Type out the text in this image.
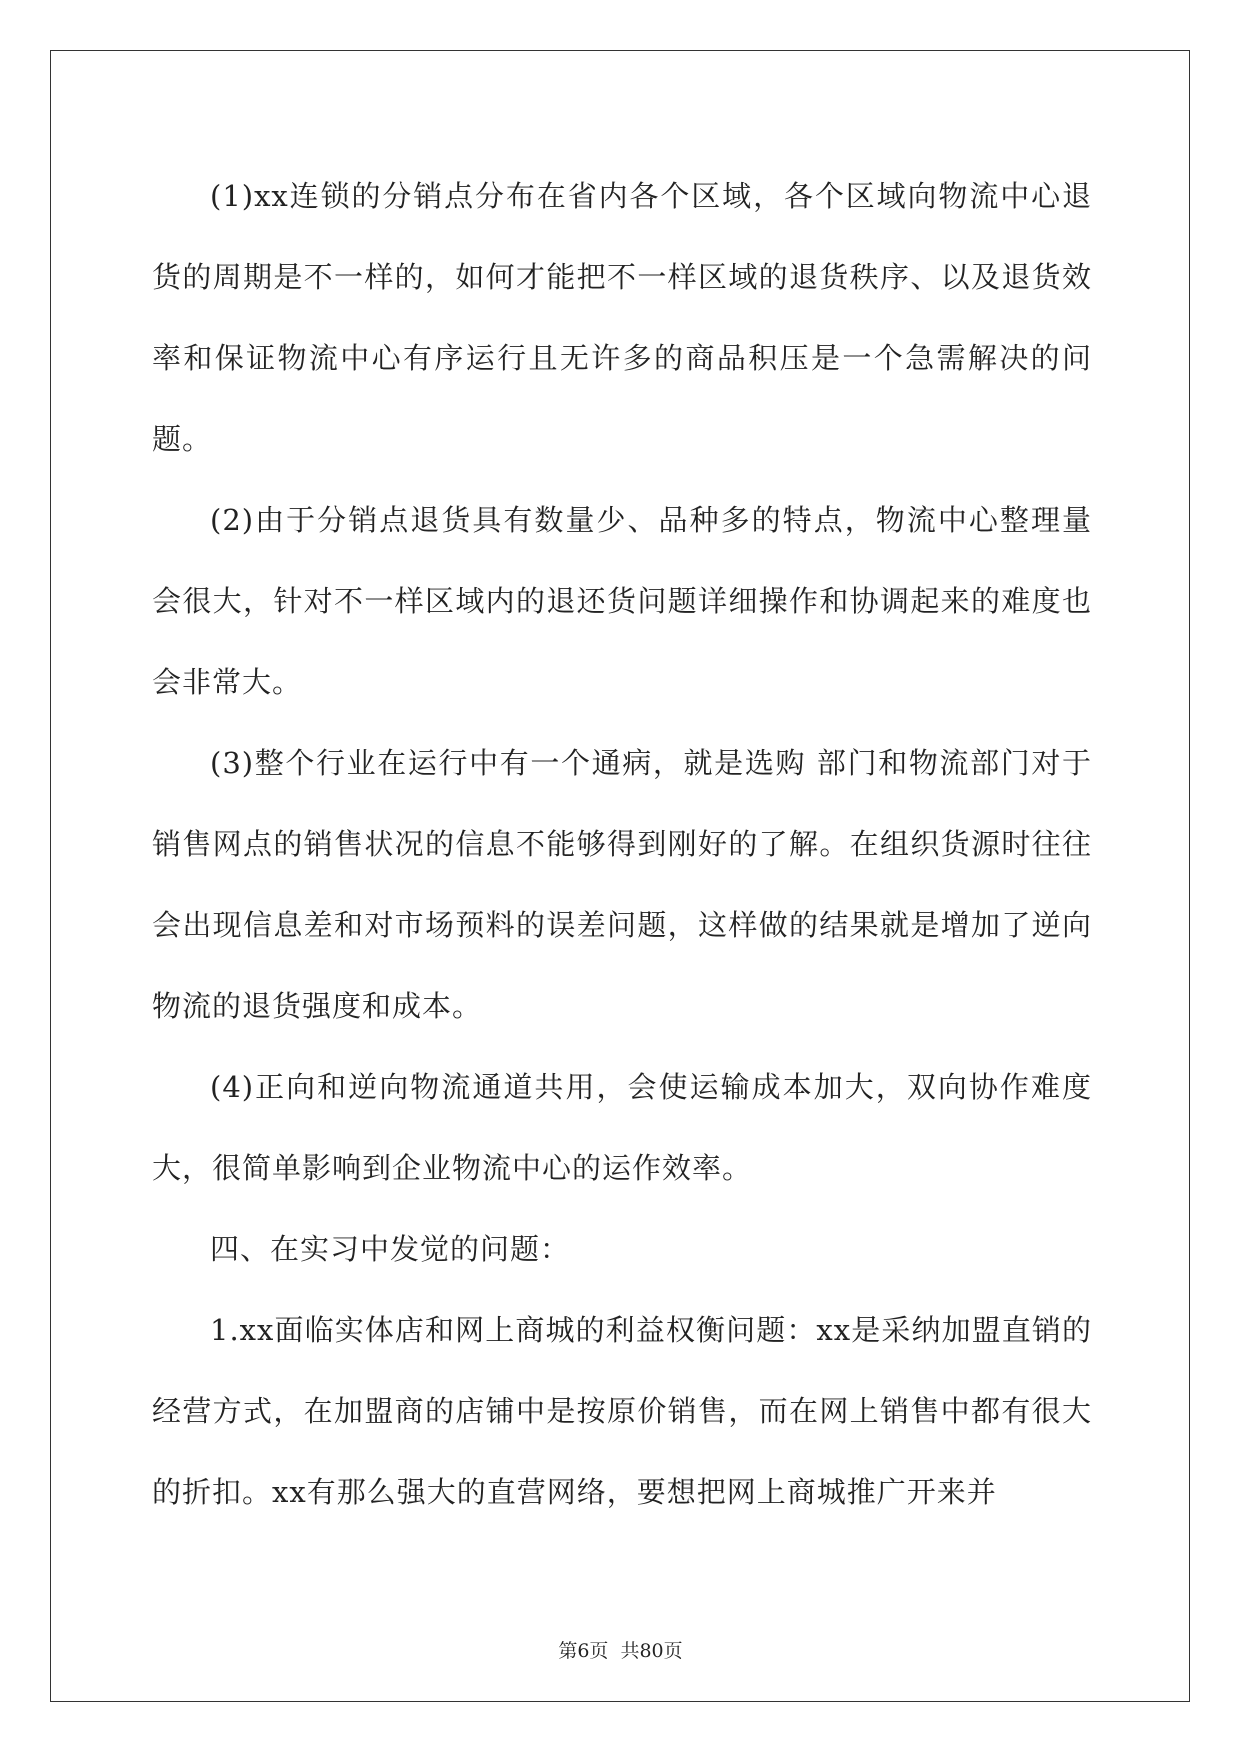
(1)xx连锁的分销点分布在省内各个区域，各个区域向物流中心退货的周期是不一样的，如何才能把不一样区域的退货秩序、以及退货效率和保证物流中心有序运行且无许多的商品积压是一个急需解决的问题。

(2)由于分销点退货具有数量少、品种多的特点，物流中心整理量会很大，针对不一样区域内的退还货问题详细操作和协调起来的难度也会非常大。

(3)整个行业在运行中有一个通病，就是选购 部门和物流部门对于销售网点的销售状况的信息不能够得到刚好的了解。在组织货源时往往会出现信息差和对市场预料的误差问题，这样做的结果就是增加了逆向物流的退货强度和成本。

(4)正向和逆向物流通道共用，会使运输成本加大，双向协作难度大，很简单影响到企业物流中心的运作效率。

四、在实习中发觉的问题：

1.xx面临实体店和网上商城的利益权衡问题：xx是采纳加盟直销的经营方式，在加盟商的店铺中是按原价销售，而在网上销售中都有很大的折扣。xx有那么强大的直营网络，要想把网上商城推广开来并

第6页 共80页
